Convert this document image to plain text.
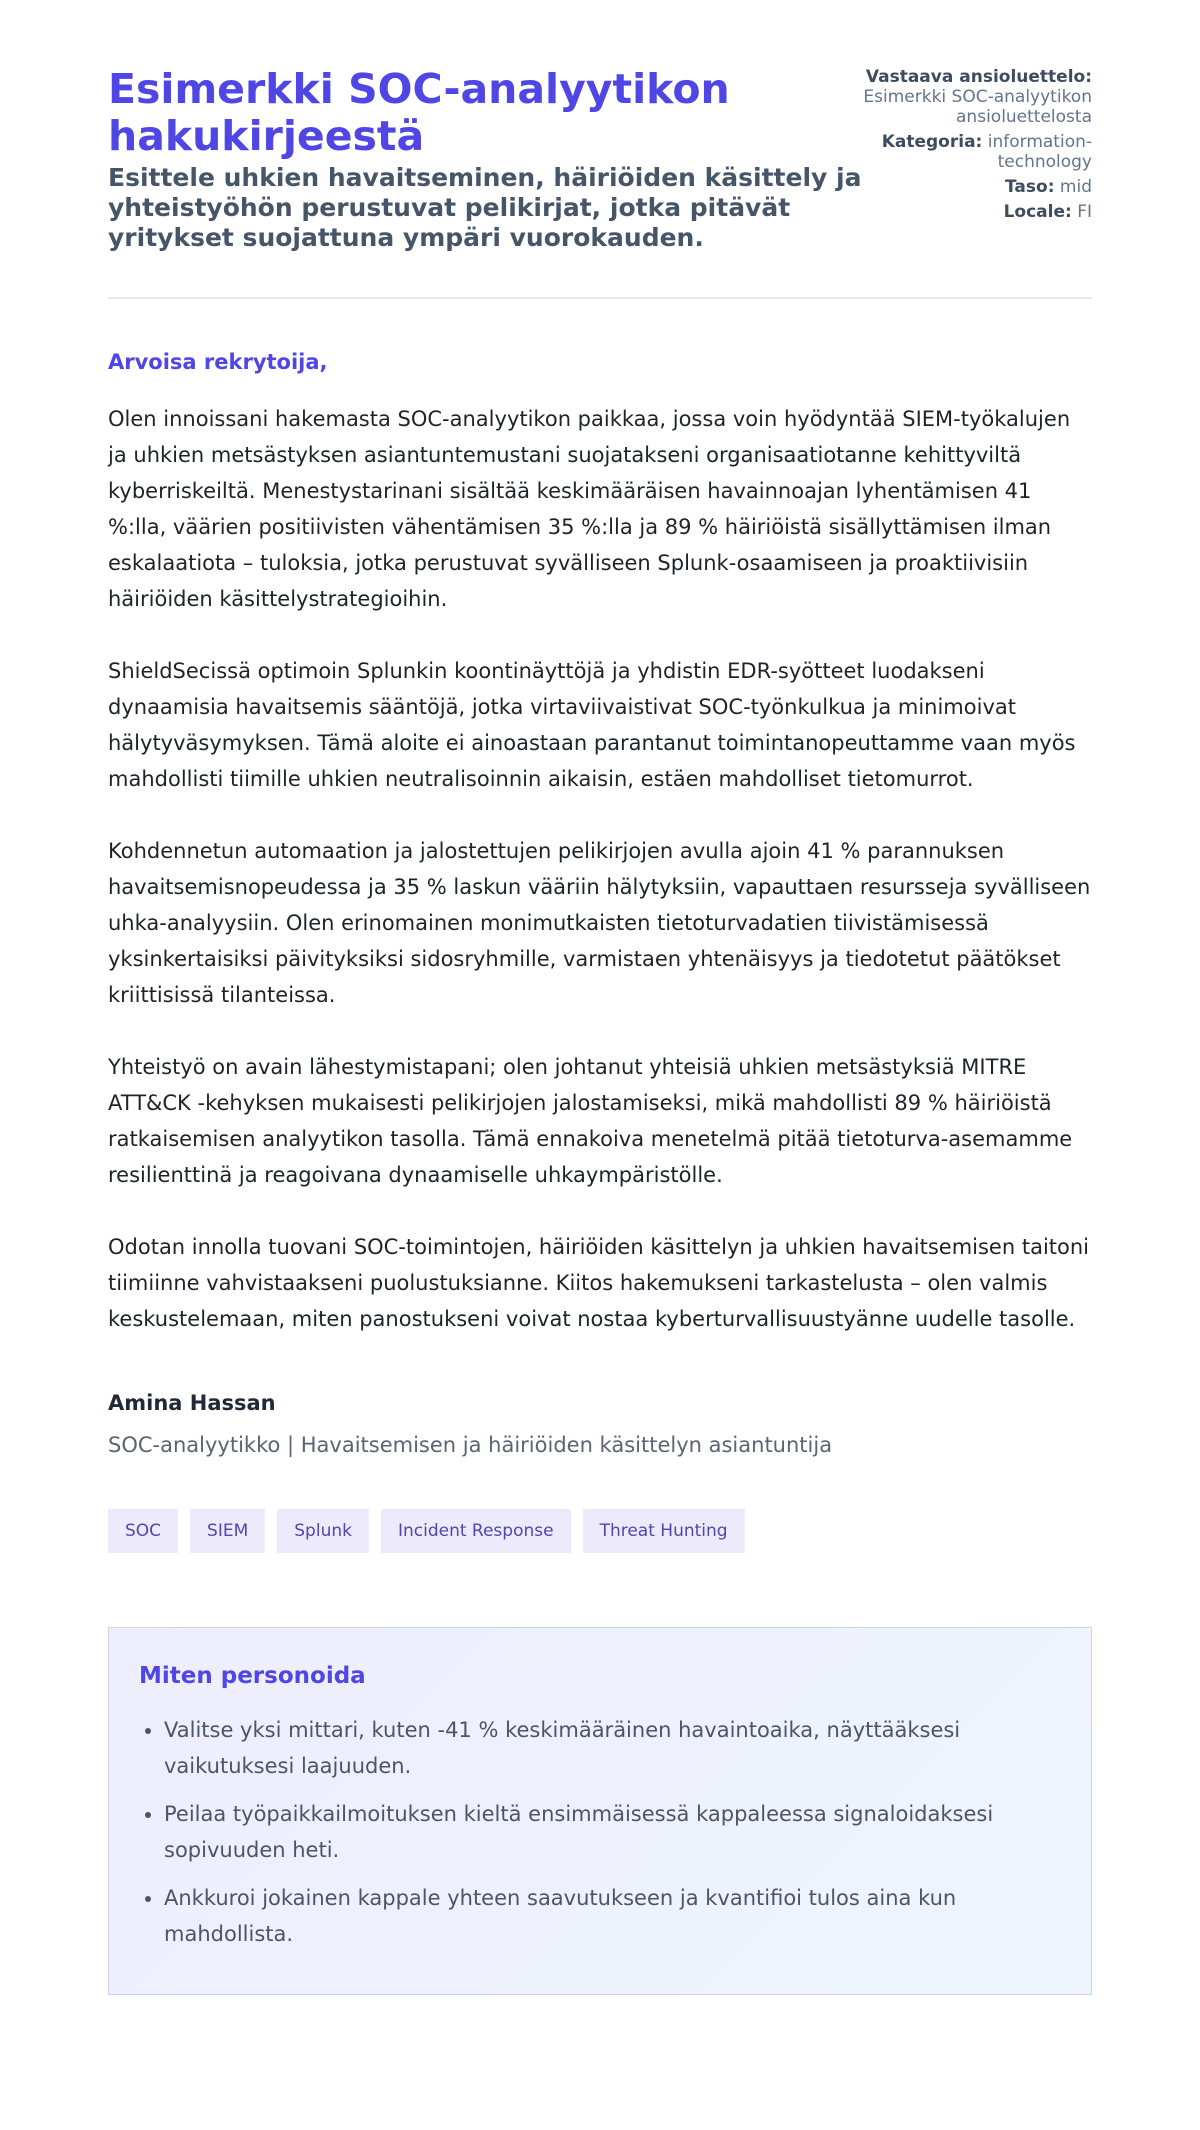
Esimerkki SOC-analyytikon hakukirjeestä
Esittele uhkien havaitseminen, häiriöiden käsittely ja yhteistyöhön perustuvat pelikirjat, jotka pitävät yritykset suojattuna ympäri vuorokauden.
Vastaava ansioluettelo: Esimerkki SOC-analyytikon ansioluettelosta
Kategoria: information-technology
Taso: mid
Locale: FI
Arvoisa rekrytoija,

Olen innoissani hakemasta SOC-analyytikon paikkaa, jossa voin hyödyntää SIEM-työkalujen ja uhkien metsästyksen asiantuntemustani suojatakseni organisaatiotanne kehittyviltä kyberriskeiltä. Menestystarinani sisältää keskimääräisen havainnoajan lyhentämisen 41 %:lla, väärien positiivisten vähentämisen 35 %:lla ja 89 % häiriöistä sisällyttämisen ilman eskalaatiota – tuloksia, jotka perustuvat syvälliseen Splunk-osaamiseen ja proaktiivisiin häiriöiden käsittelystrategioihin.

ShieldSecissä optimoin Splunkin koontinäyttöjä ja yhdistin EDR-syötteet luodakseni dynaamisia havaitsemis sääntöjä, jotka virtaviivaistivat SOC-työnkulkua ja minimoivat hälytyväsymyksen. Tämä aloite ei ainoastaan parantanut toimintanopeuttamme vaan myös mahdollisti tiimille uhkien neutralisoinnin aikaisin, estäen mahdolliset tietomurrot.

Kohdennetun automaation ja jalostettujen pelikirjojen avulla ajoin 41 % parannuksen havaitsemisnopeudessa ja 35 % laskun vääriin hälytyksiin, vapauttaen resursseja syvälliseen uhka-analyysiin. Olen erinomainen monimutkaisten tietoturvadatien tiivistämisessä yksinkertaisiksi päivityksiksi sidosryhmille, varmistaen yhtenäisyys ja tiedotetut päätökset kriittisissä tilanteissa.

Yhteistyö on avain lähestymistapani; olen johtanut yhteisiä uhkien metsästyksiä MITRE ATT&CK -kehyksen mukaisesti pelikirjojen jalostamiseksi, mikä mahdollisti 89 % häiriöistä ratkaisemisen analyytikon tasolla. Tämä ennakoiva menetelmä pitää tietoturva-asemamme resilienttinä ja reagoivana dynaamiselle uhkaympäristölle.

Odotan innolla tuovani SOC-toimintojen, häiriöiden käsittelyn ja uhkien havaitsemisen taitoni tiimiinne vahvistaakseni puolustuksianne. Kiitos hakemukseni tarkastelusta – olen valmis keskustelemaan, miten panostukseni voivat nostaa kyberturvallisuustyänne uudelle tasolle.

Amina Hassan
SOC-analyytikko | Havaitsemisen ja häiriöiden käsittelyn asiantuntija
SOC	SIEM	Splunk	Incident Response	Threat Hunting
Miten personoida
• Valitse yksi mittari, kuten -41 % keskimääräinen havaintoaika, näyttääksesi vaikutuksesi laajuuden.
• Peilaa työpaikkailmoituksen kieltä ensimmäisessä kappaleessa signaloidaksesi sopivuuden heti.
• Ankkuroi jokainen kappale yhteen saavutukseen ja kvantifioi tulos aina kun mahdollista.
